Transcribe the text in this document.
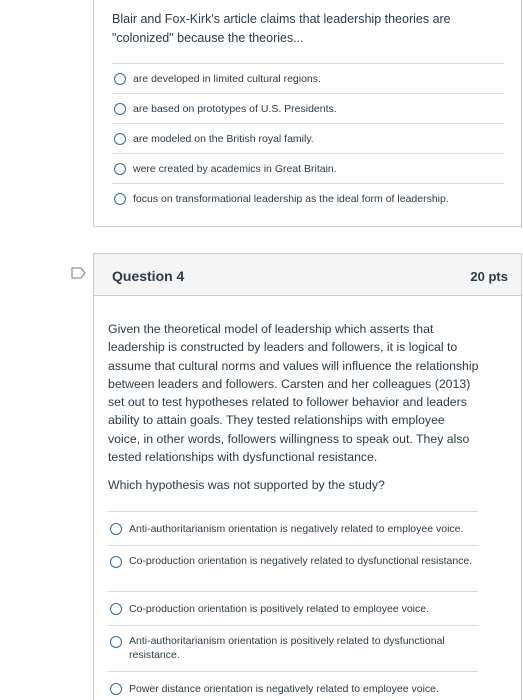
Blair and Fox-Kirk's article claims that leadership theories are "colonized" because the theories...
are developed in limited cultural regions.
are based on prototypes of U.S. Presidents.
are modeled on the British royal family.
were created by academics in Great Britain.
focus on transformational leadership as the ideal form of leadership.
Question 4	20 pts
Given the theoretical model of leadership which asserts that leadership is constructed by leaders and followers, it is logical to assume that cultural norms and values will influence the relationship between leaders and followers. Carsten and her colleagues (2013) set out to test hypotheses related to follower behavior and leaders ability to attain goals. They tested relationships with employee voice, in other words, followers willingness to speak out. They also tested relationships with dysfunctional resistance.
Which hypothesis was not supported by the study?
Anti-authoritarianism orientation is negatively related to employee voice.
Co-production orientation is negatively related to dysfunctional resistance.
Co-production orientation is positively related to employee voice.
Anti-authoritarianism orientation is positively related to dysfunctional resistance.
Power distance orientation is negatively related to employee voice.
